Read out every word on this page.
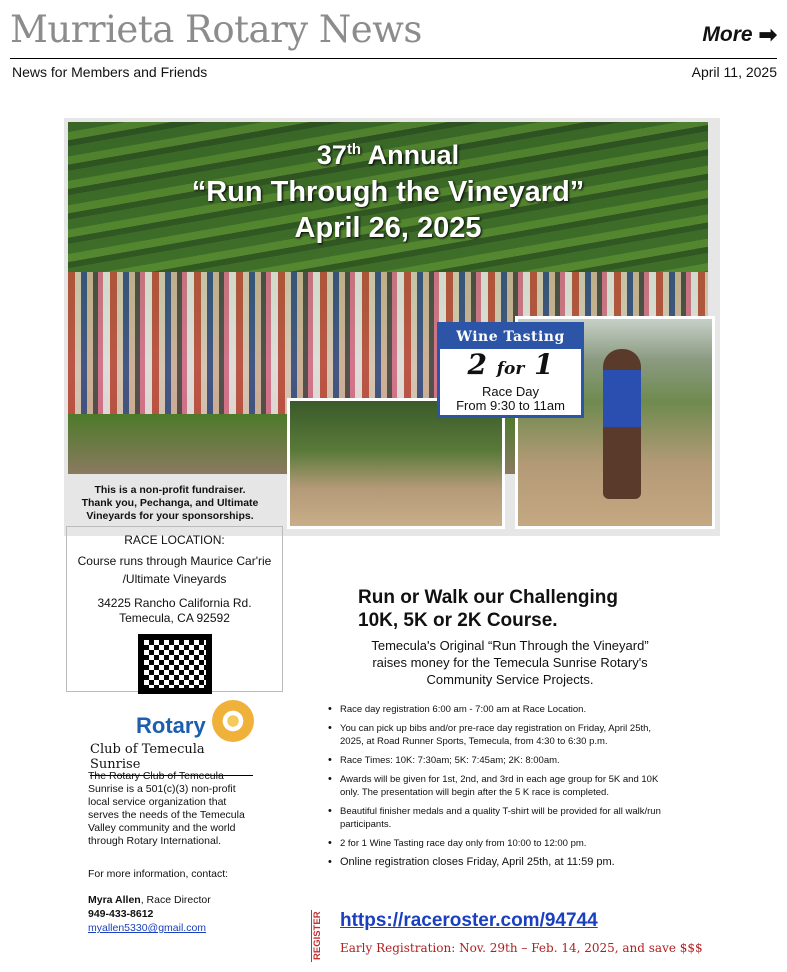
Murrieta Rotary News	More ➡
News for Members and Friends	April 11, 2025
37th Annual
“Run Through the Vineyard”
April 26, 2025
Wine Tasting
2 for 1
Race Day
From 9:30 to 11am
This is a non-profit fundraiser.
Thank you, Pechanga, and Ultimate
Vineyards for your sponsorships.
RACE LOCATION:
Course runs through Maurice Car'rie
/Ultimate Vineyards
34225 Rancho California Rd.
Temecula, CA 92592
Rotary
Club of Temecula Sunrise
The Rotary Club of Temecula
Sunrise is a 501(c)(3) non-profit
local service organization that
serves the needs of the Temecula
Valley community and the world
through Rotary International.
For more information, contact:
Myra Allen, Race Director
949-433-8612
myallen5330@gmail.com
Run or Walk our Challenging
10K, 5K or 2K Course.
Temecula's Original “Run Through the Vineyard”
raises money for the Temecula Sunrise Rotary's
Community Service Projects.
• Race day registration 6:00 am - 7:00 am at Race Location.
• You can pick up bibs and/or pre-race day registration on Friday, April 25th, 2025, at Road Runner Sports, Temecula, from 4:30 to 6:30 p.m.
• Race Times: 10K: 7:30am; 5K: 7:45am; 2K: 8:00am.
• Awards will be given for 1st, 2nd, and 3rd in each age group for 5K and 10K only. The presentation will begin after the 5 K race is completed.
• Beautiful finisher medals and a quality T-shirt will be provided for all walk/run participants.
• 2 for 1 Wine Tasting race day only from 10:00 to 12:00 pm.
• Online registration closes Friday, April 25th, at 11:59 pm.
REGISTER https://raceroster.com/94744
Early Registration: Nov. 29th – Feb. 14, 2025, and save $$$
